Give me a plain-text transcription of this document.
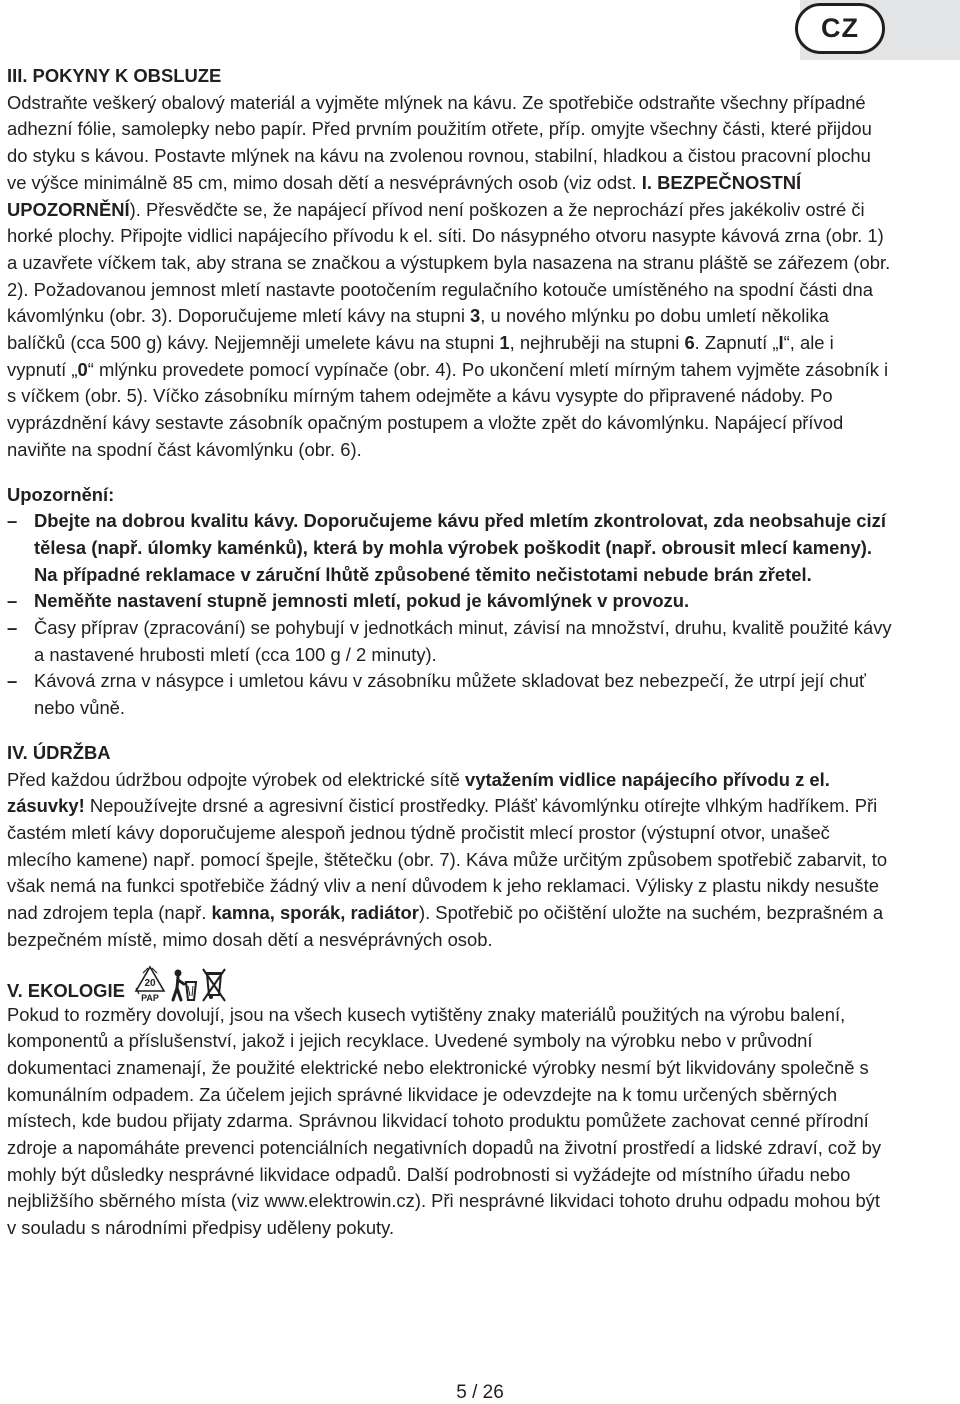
CZ
III. POKYNY K OBSLUZE

Odstraňte veškerý obalový materiál a vyjměte mlýnek na kávu. Ze spotřebiče odstraňte všechny případné adhezní fólie, samolepky nebo papír. Před prvním použitím otřete, příp. omyjte všechny části, které přijdou do styku s kávou. Postavte mlýnek na kávu na zvolenou rovnou, stabilní, hladkou a čistou pracovní plochu ve výšce minimálně 85 cm, mimo dosah dětí a nesvéprávných osob (viz odst. I. BEZPEČNOSTNÍ UPOZORNĚNÍ). Přesvědčte se, že napájecí přívod není poškozen a že neprochází přes jakékoliv ostré či horké plochy. Připojte vidlici napájecího přívodu k el. síti. Do násypného otvoru nasypte kávová zrna (obr. 1) a uzavřete víčkem tak, aby strana se značkou a výstupkem byla nasazena na stranu pláště se zářezem (obr. 2). Požadovanou jemnost mletí nastavte pootočením regulačního kotouče umístěného na spodní části dna kávomlýnku (obr. 3). Doporučujeme mletí kávy na stupni 3, u nového mlýnku po dobu umletí několika balíčků (cca 500 g) kávy. Nejjemněji umelete kávu na stupni 1, nejhruběji na stupni 6. Zapnutí „I“, ale i vypnutí „0“ mlýnku provedete pomocí vypínače (obr. 4). Po ukončení mletí mírným tahem vyjměte zásobník i s víčkem (obr. 5). Víčko zásobníku mírným tahem odejměte a kávu vysypte do připravené nádoby. Po vyprázdnění kávy sestavte zásobník opačným postupem a vložte zpět do kávomlýnku. Napájecí přívod naviňte na spodní část kávomlýnku (obr. 6).

Upozornění:
– Dbejte na dobrou kvalitu kávy. Doporučujeme kávu před mletím zkontrolovat, zda neobsahuje cizí tělesa (např. úlomky kaménků), která by mohla výrobek poškodit (např. obrousit mlecí kameny). Na případné reklamace v záruční lhůtě způsobené těmito nečistotami nebude brán zřetel.
– Neměňte nastavení stupně jemnosti mletí, pokud je kávomlýnek v provozu.
– Časy příprav (zpracování) se pohybují v jednotkách minut, závisí na množství, druhu, kvalitě použité kávy a nastavené hrubosti mletí (cca 100 g / 2 minuty).
– Kávová zrna v násypce i umletou kávu v zásobníku můžete skladovat bez nebezpečí, že utrpí její chuť nebo vůně.
IV. ÚDRŽBA

Před každou údržbou odpojte výrobek od elektrické sítě vytažením vidlice napájecího přívodu z el. zásuvky! Nepoužívejte drsné a agresivní čisticí prostředky. Plášť kávomlýnku otírejte vlhkým hadříkem. Při častém mletí kávy doporučujeme alespoň jednou týdně pročistit mlecí prostor (výstupní otvor, unašeč mlecího kamene) např. pomocí špejle, štětečku (obr. 7). Káva může určitým způsobem spotřebič zabarvit, to však nemá na funkci spotřebiče žádný vliv a není důvodem k jeho reklamaci. Výlisky z plastu nikdy nesušte nad zdrojem tepla (např. kamna, sporák, radiátor). Spotřebič po očištění uložte na suchém, bezprašném a bezpečném místě, mimo dosah dětí a nesvéprávných osob.

V. EKOLOGIE 20
PAP

Pokud to rozměry dovolují, jsou na všech kusech vytištěny znaky materiálů použitých na výrobu balení, komponentů a příslušenství, jakož i jejich recyklace. Uvedené symboly na výrobku nebo v průvodní dokumentaci znamenají, že použité elektrické nebo elektronické výrobky nesmí být likvidovány společně s komunálním odpadem. Za účelem jejich správné likvidace je odevzdejte na k tomu určených sběrných místech, kde budou přijaty zdarma. Správnou likvidací tohoto produktu pomůžete zachovat cenné přírodní zdroje a napomáháte prevenci potenciálních negativních dopadů na životní prostředí a lidské zdraví, což by mohly být důsledky nesprávné likvidace odpadů. Další podrobnosti si vyžádejte od místního úřadu nebo nejbližšího sběrného místa (viz www.elektrowin.cz). Při nesprávné likvidaci tohoto druhu odpadu mohou být v souladu s národními předpisy uděleny pokuty.

5 / 26
